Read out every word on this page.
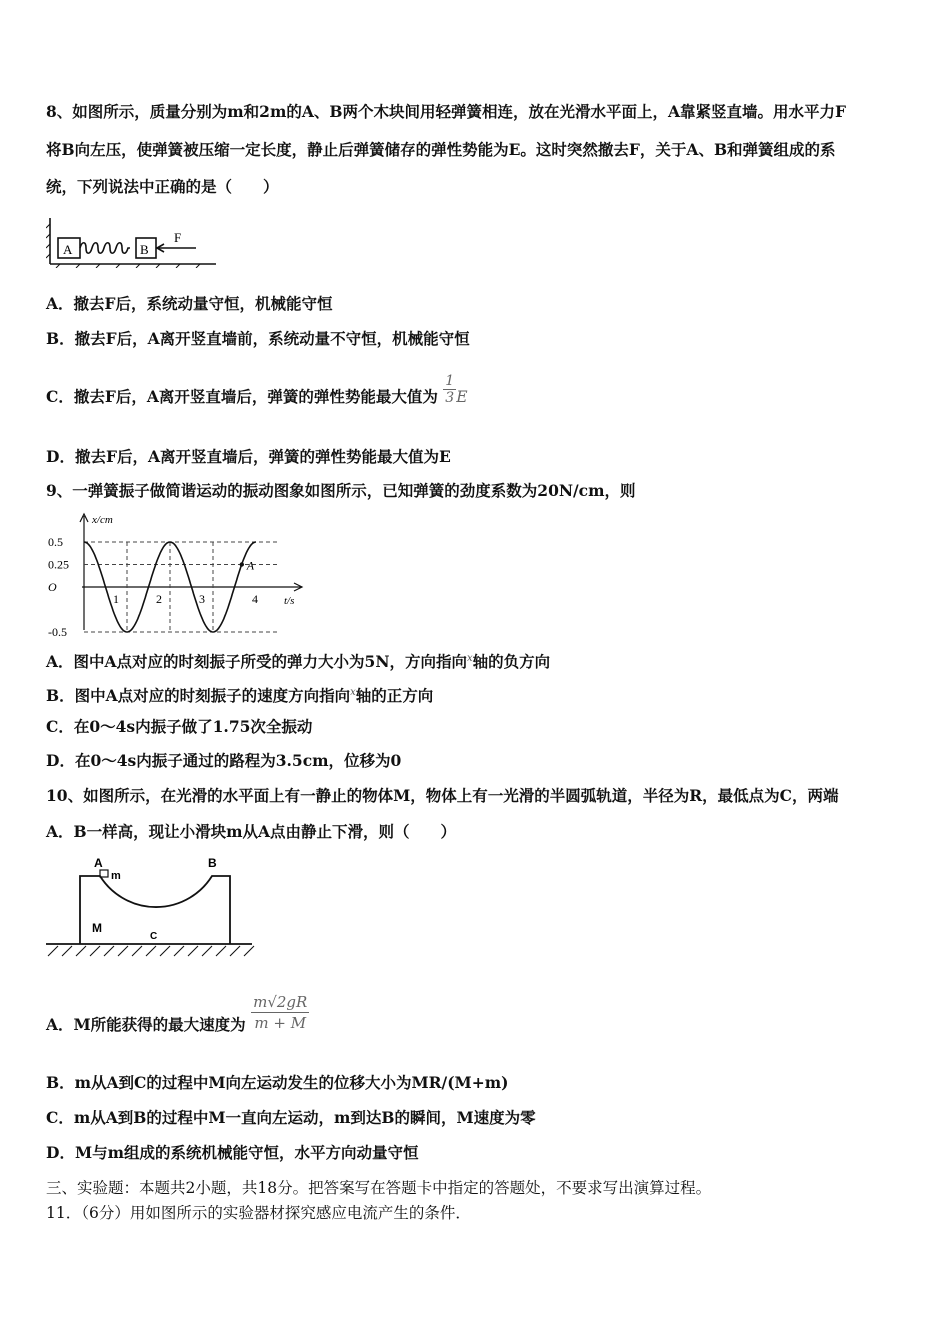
8、如图所示，质量分别为m和2m的A、B两个木块间用轻弹簧相连，放在光滑水平面上，A靠紧竖直墙。用水平力F
将B向左压，使弹簧被压缩一定长度，静止后弹簧储存的弹性势能为E。这时突然撤去F，关于A、B和弹簧组成的系
统，下列说法中正确的是（　　）
A	B
F
A．撤去F后，系统动量守恒，机械能守恒
B．撤去F后，A离开竖直墙前，系统动量不守恒，机械能守恒
C．撤去F后，A离开竖直墙后，弹簧的弹性势能最大值为 $\frac{1}{3}$ E
D．撤去F后，A离开竖直墙后，弹簧的弹性势能最大值为E
9、一弹簧振子做简谐运动的振动图象如图所示，已知弹簧的劲度系数为20N/cm，则
x/cm
t/s
0.5
0.25
O
-0.5
1	2	3	4
A
A．图中A点对应的时刻振子所受的弹力大小为5N，方向指向$^x$轴的负方向
B．图中A点对应的时刻振子的速度方向指向$^x$轴的正方向
C．在0～4s内振子做了1.75次全振动
D．在0～4s内振子通过的路程为3.5cm，位移为0
10、如图所示，在光滑的水平面上有一静止的物体M，物体上有一光滑的半圆弧轨道，半径为R，最低点为C，两端
A．B一样高，现让小滑块m从A点由静止下滑，则（　　）
A	B
m
M
C
A．M所能获得的最大速度为 $\frac{m√2gR}{m + M}$
B．m从A到C的过程中M向左运动发生的位移大小为MR/(M+m)
C．m从A到B的过程中M一直向左运动，m到达B的瞬间，M速度为零
D．M与m组成的系统机械能守恒，水平方向动量守恒
三、实验题：本题共2小题，共18分。把答案写在答题卡中指定的答题处，不要求写出演算过程。
11．（6分）用如图所示的实验器材探究感应电流产生的条件．
